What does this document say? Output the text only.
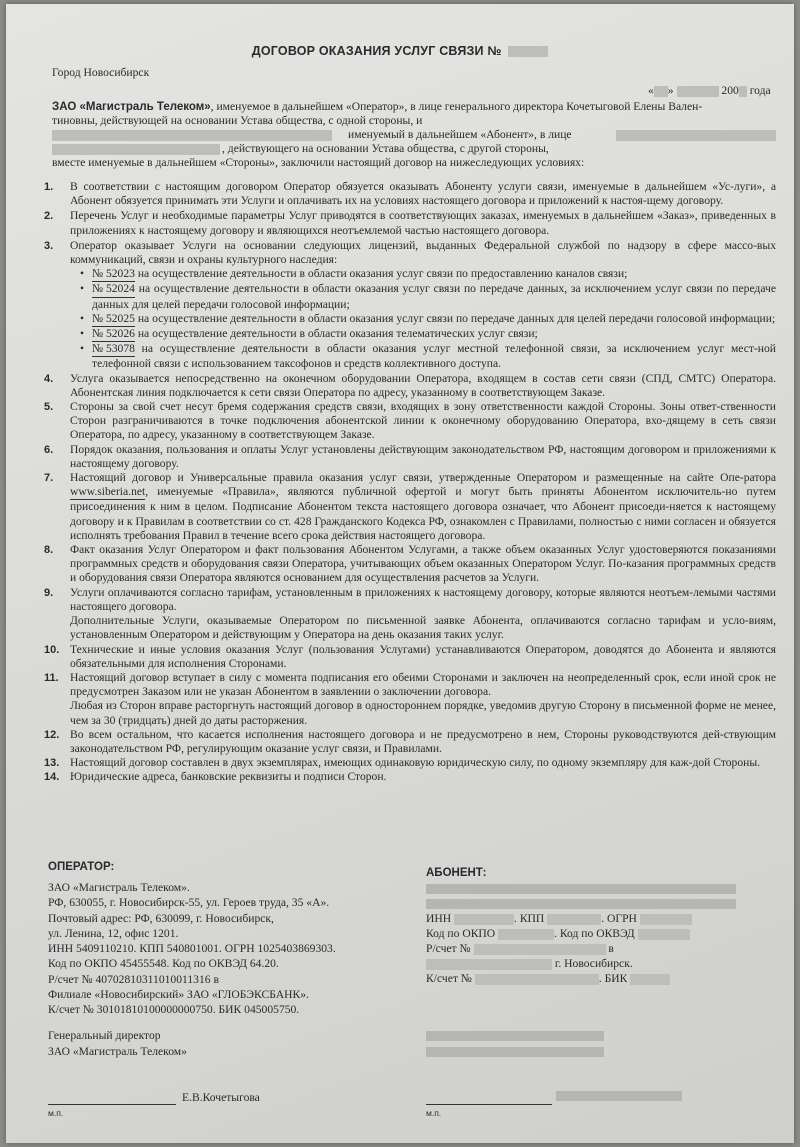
ДОГОВОР ОКАЗАНИЯ УСЛУГ СВЯЗИ №
Город Новосибирск
« »	200 года
ЗАО «Магистраль Телеком», именуемое в дальнейшем «Оператор», в лице генерального директора Кочетыговой Елены Вален-
тиновны, действующей на основании Устава общества, с одной стороны, и
именуемый в дальнейшем «Абонент», в лице
, действующего на основании Устава общества, с другой стороны,
вместе именуемые в дальнейшем «Стороны», заключили настоящий договор на нижеследующих условиях:
1.	В соответствии с настоящим договором Оператор обязуется оказывать Абоненту услуги связи, именуемые в дальнейшем «Ус-луги», а Абонент обязуется принимать эти Услуги и оплачивать их на условиях настоящего договора и приложений к настоя-щему договору.
2.	Перечень Услуг и необходимые параметры Услуг приводятся в соответствующих заказах, именуемых в дальнейшем «Заказ», приведенных в приложениях к настоящему договору и являющихся неотъемлемой частью настоящего договора.
3.	Оператор оказывает Услуги на основании следующих лицензий, выданных Федеральной службой по надзору в сфере массо-вых коммуникаций, связи и охраны культурного наследия:
• № 52023 на осуществление деятельности в области оказания услуг связи по предоставлению каналов связи;
• № 52024 на осуществление деятельности в области оказания услуг связи по передаче данных, за исключением услуг связи по передаче данных для целей передачи голосовой информации;
• № 52025 на осуществление деятельности в области оказания услуг связи по передаче данных для целей передачи голосовой информации;
• № 52026 на осуществление деятельности в области оказания телематических услуг связи;
• № 53078 на осуществление деятельности в области оказания услуг местной телефонной связи, за исключением услуг мест-ной телефонной связи с использованием таксофонов и средств коллективного доступа.
4.	Услуга оказывается непосредственно на оконечном оборудовании Оператора, входящем в состав сети связи (СПД, СМТС) Оператора. Абонентская линия подключается к сети связи Оператора по адресу, указанному в соответствующем Заказе.
5.	Стороны за свой счет несут бремя содержания средств связи, входящих в зону ответственности каждой Стороны. Зоны ответ-ственности Сторон разграничиваются в точке подключения абонентской линии к оконечному оборудованию Оператора, вхо-дящему в сеть связи Оператора, по адресу, указанному в соответствующем Заказе.
6.	Порядок оказания, пользования и оплаты Услуг установлены действующим законодательством РФ, настоящим договором и приложениями к настоящему договору.
7.	Настоящий договор и Универсальные правила оказания услуг связи, утвержденные Оператором и размещенные на сайте Опе-ратора www.siberia.net, именуемые «Правила», являются публичной офертой и могут быть приняты Абонентом исключитель-но путем присоединения к ним в целом. Подписание Абонентом текста настоящего договора означает, что Абонент присоеди-няется к настоящему договору и к Правилам в соответствии со ст. 428 Гражданского Кодекса РФ, ознакомлен с Правилами, полностью с ними согласен и обязуется исполнять требования Правил в течение всего срока действия настоящего договора.
8.	Факт оказания Услуг Оператором и факт пользования Абонентом Услугами, а также объем оказанных Услуг удостоверяются показаниями программных средств и оборудования связи Оператора, учитывающих объем оказанных Оператором Услуг. По-казания программных средств и оборудования связи Оператора являются основанием для осуществления расчетов за Услуги.
9.	Услуги оплачиваются согласно тарифам, установленным в приложениях к настоящему договору, которые являются неотъем-лемыми частями настоящего договора.
Дополнительные Услуги, оказываемые Оператором по письменной заявке Абонента, оплачиваются согласно тарифам и усло-виям, установленным Оператором и действующим у Оператора на день оказания таких услуг.
10. Технические и иные условия оказания Услуг (пользования Услугами) устанавливаются Оператором, доводятся до Абонента и являются обязательными для исполнения Сторонами.
11. Настоящий договор вступает в силу с момента подписания его обеими Сторонами и заключен на неопределенный срок, если иной срок не предусмотрен Заказом или не указан Абонентом в заявлении о заключении договора.
Любая из Сторон вправе расторгнуть настоящий договор в одностороннем порядке, уведомив другую Сторону в письменной форме не менее, чем за 30 (тридцать) дней до даты расторжения.
12. Во всем остальном, что касается исполнения настоящего договора и не предусмотрено в нем, Стороны руководствуются дей-ствующим законодательством РФ, регулирующим оказание услуг связи, и Правилами.
13. Настоящий договор составлен в двух экземплярах, имеющих одинаковую юридическую силу, по одному экземпляру для каж-дой Стороны.
14. Юридические адреса, банковские реквизиты и подписи Сторон.
ОПЕРАТОР:
ЗАО «Магистраль Телеком».
РФ, 630055, г. Новосибирск-55, ул. Героев труда, 35 «А».
Почтовый адрес: РФ, 630099, г. Новосибирск,
ул. Ленина, 12, офис 1201.
ИНН 5409110210. КПП 540801001. ОГРН 1025403869303.
Код по ОКПО 45455548. Код по ОКВЭД 64.20.
Р/счет № 40702810311010011316 в
Филиале «Новосибирский» ЗАО «ГЛОБЭКСБАНК».
К/счет № 30101810100000000750. БИК 045005750.
Генеральный директор
ЗАО «Магистраль Телеком»
Е.В.Кочетыгова
м.п.
АБОНЕНТ:
ИНН	. КПП	. ОГРН
Код по ОКПО	. Код по ОКВЭД
Р/счет №	в
г. Новосибирск.
К/счет №	. БИК
м.п.
